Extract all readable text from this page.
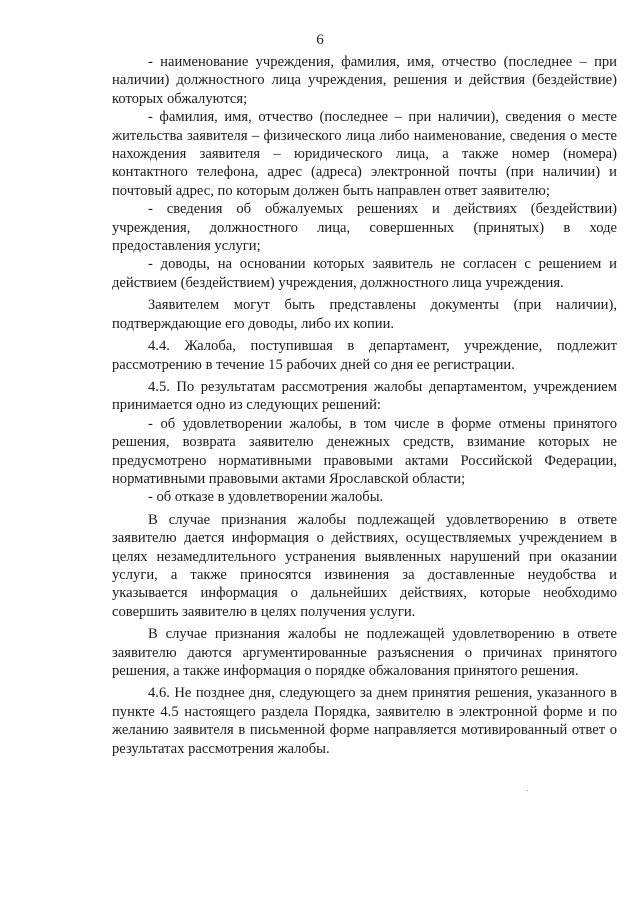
6

- наименование учреждения, фамилия, имя, отчество (последнее – при наличии) должностного лица учреждения, решения и действия (бездействие) которых обжалуются;

- фамилия, имя, отчество (последнее – при наличии), сведения о месте жительства заявителя – физического лица либо наименование, сведения о месте нахождения заявителя – юридического лица, а также номер (номера) контактного телефона, адрес (адреса) электронной почты (при наличии) и почтовый адрес, по которым должен быть направлен ответ заявителю;

- сведения об обжалуемых решениях и действиях (бездействии) учреждения, должностного лица, совершенных (принятых) в ходе предоставления услуги;

- доводы, на основании которых заявитель не согласен с решением и действием (бездействием) учреждения, должностного лица учреждения.

Заявителем могут быть представлены документы (при наличии), подтверждающие его доводы, либо их копии.

4.4. Жалоба, поступившая в департамент, учреждение, подлежит рассмотрению в течение 15 рабочих дней со дня ее регистрации.

4.5. По результатам рассмотрения жалобы департаментом, учреждением принимается одно из следующих решений:

- об удовлетворении жалобы, в том числе в форме отмены принятого решения, возврата заявителю денежных средств, взимание которых не предусмотрено нормативными правовыми актами Российской Федерации, нормативными правовыми актами Ярославской области;

- об отказе в удовлетворении жалобы.

В случае признания жалобы подлежащей удовлетворению в ответе заявителю дается информация о действиях, осуществляемых учреждением в целях незамедлительного устранения выявленных нарушений при оказании услуги, а также приносятся извинения за доставленные неудобства и указывается информация о дальнейших действиях, которые необходимо совершить заявителю в целях получения услуги.

В случае признания жалобы не подлежащей удовлетворению в ответе заявителю даются аргументированные разъяснения о причинах принятого решения, а также информация о порядке обжалования принятого решения.

4.6. Не позднее дня, следующего за днем принятия решения, указанного в пункте 4.5 настоящего раздела Порядка, заявителю в электронной форме и по желанию заявителя в письменной форме направляется мотивированный ответ о результатах рассмотрения жалобы.
